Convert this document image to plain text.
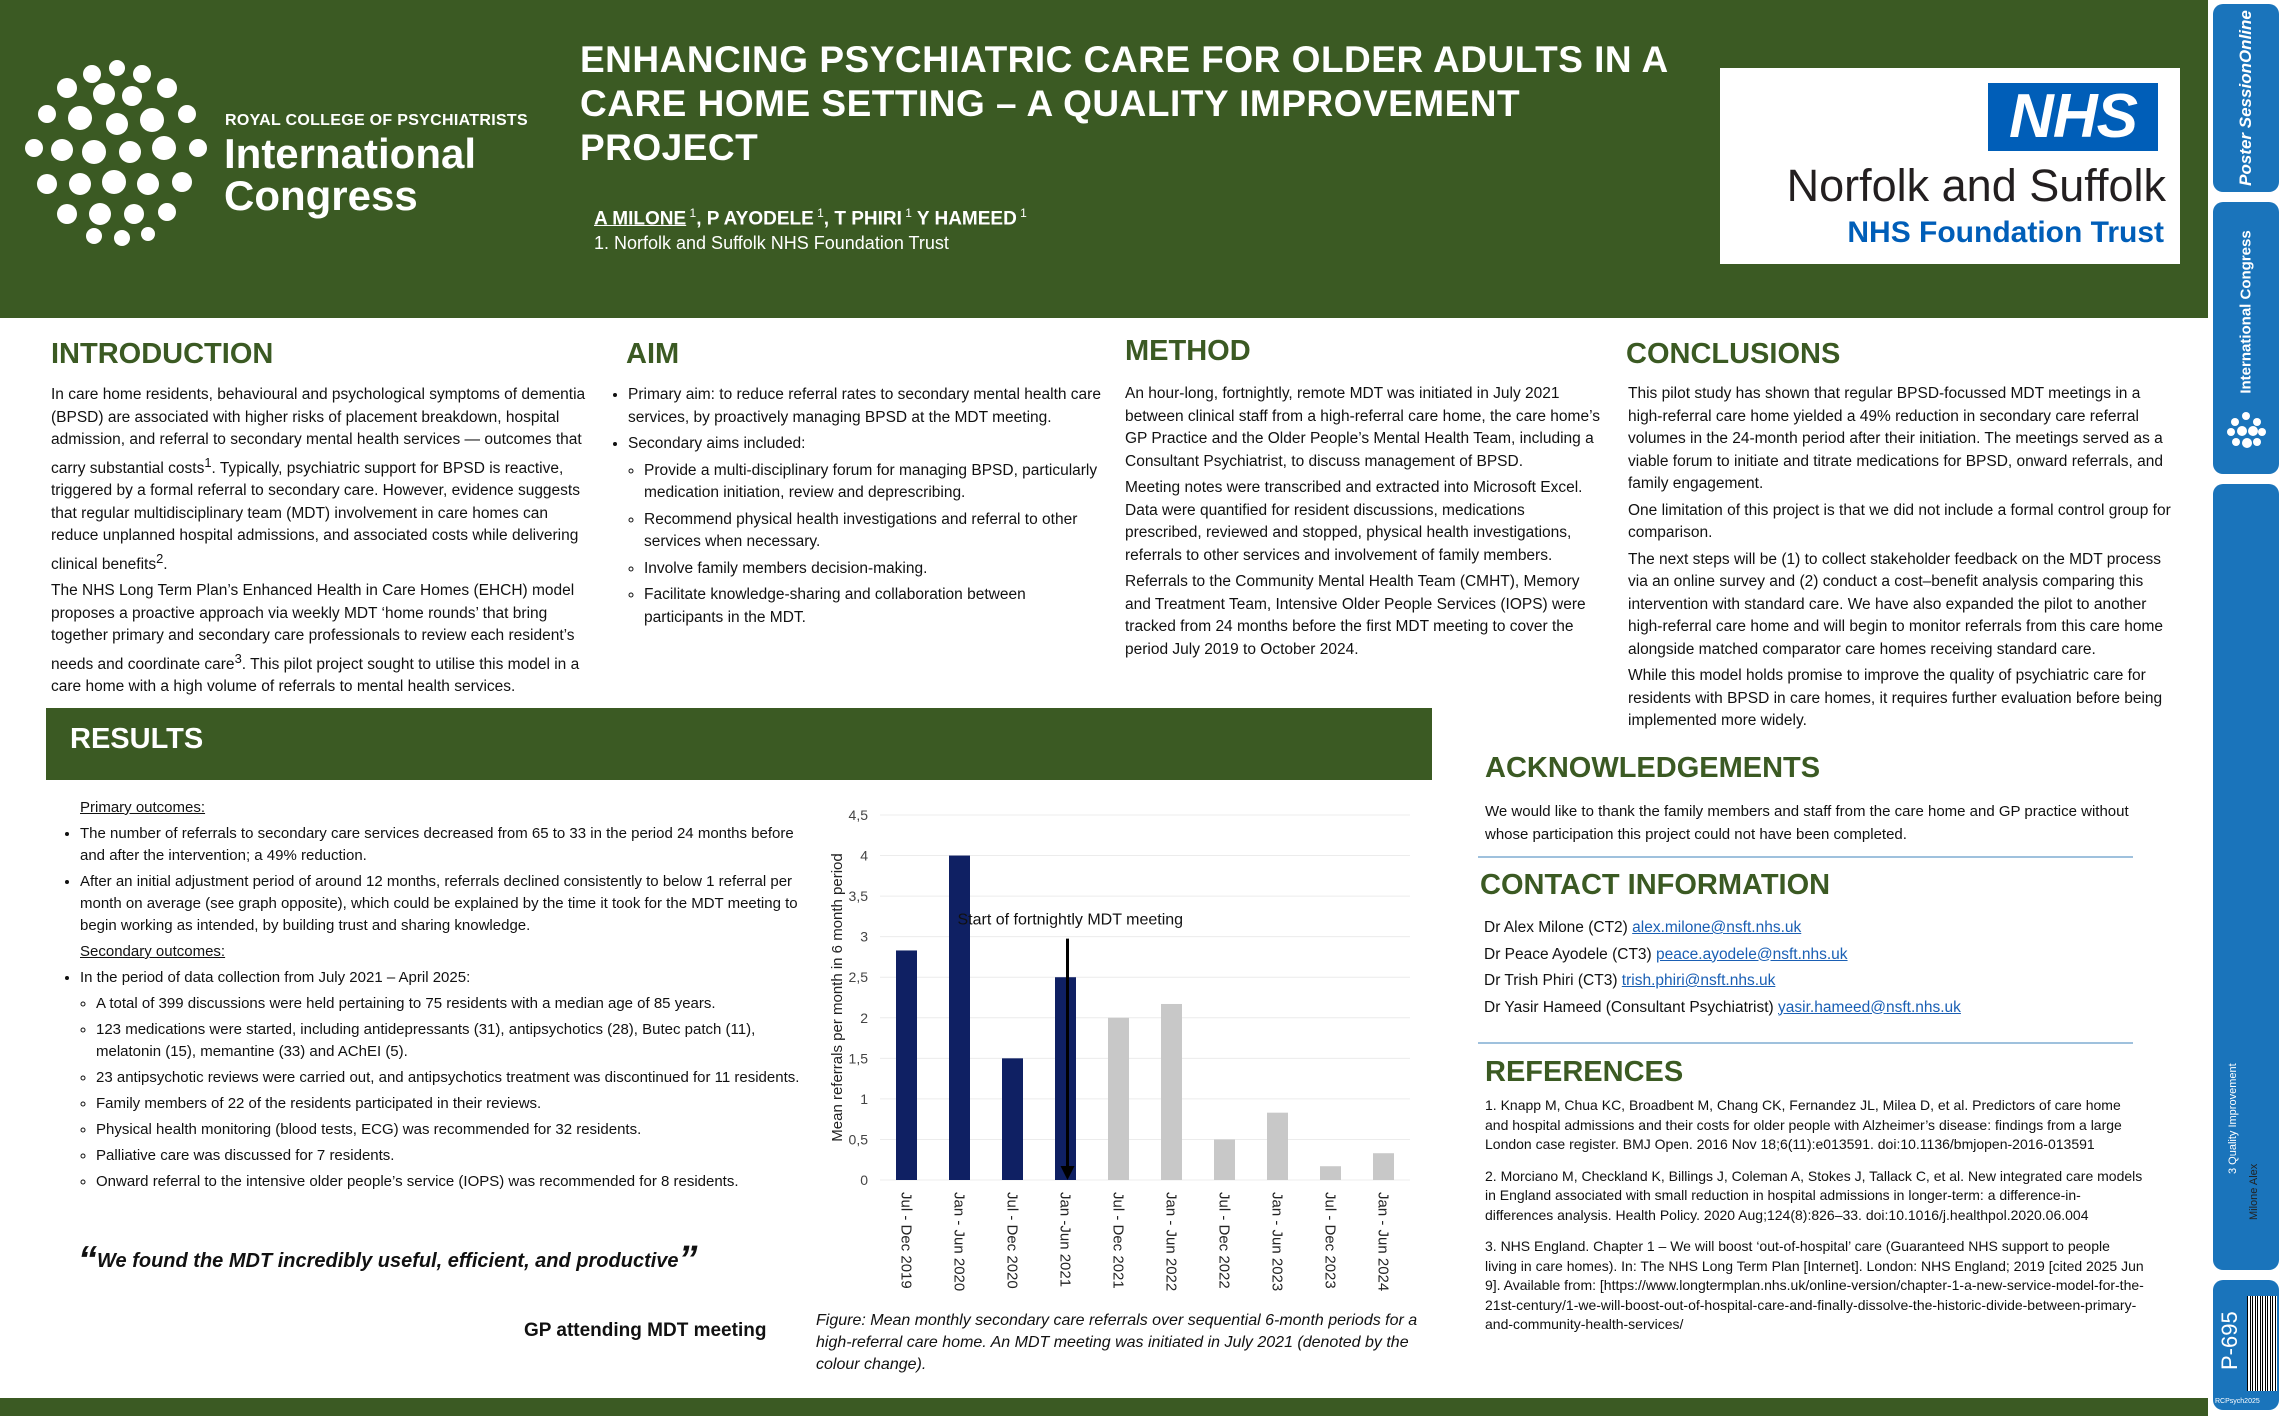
ROYAL COLLEGE OF PSYCHIATRISTS
International
Congress
ENHANCING PSYCHIATRIC CARE FOR OLDER ADULTS IN A CARE HOME SETTING – A QUALITY IMPROVEMENT PROJECT
A MILONE $^1$, P AYODELE $^1$, T PHIRI $^1$ Y HAMEED $^1$
1. Norfolk and Suffolk NHS Foundation Trust
NHS
Norfolk and Suffolk
NHS Foundation Trust
Poster SessionOnline
International Congress
3 Quality Improvement
P-695
RCPsych2025
Milone Alex
INTRODUCTION

In care home residents, behavioural and psychological symptoms of dementia (BPSD) are associated with higher risks of placement breakdown, hospital admission, and referral to secondary mental health services — outcomes that carry substantial costs$^1$. Typically, psychiatric support for BPSD is reactive, triggered by a formal referral to secondary care. However, evidence suggests that regular multidisciplinary team (MDT) involvement in care homes can reduce unplanned hospital admissions, and associated costs while delivering clinical benefits$^2$.

The NHS Long Term Plan’s Enhanced Health in Care Homes (EHCH) model proposes a proactive approach via weekly MDT ‘home rounds’ that bring together primary and secondary care professionals to review each resident’s needs and coordinate care$^3$. This pilot project sought to utilise this model in a care home with a high volume of referrals to mental health services.

AIM
• Primary aim: to reduce referral rates to secondary mental health care services, by proactively managing BPSD at the MDT meeting.
• Secondary aims included:
◦ Provide a multi-disciplinary forum for managing BPSD, particularly medication initiation, review and deprescribing.
◦ Recommend physical health investigations and referral to other services when necessary.
◦ Involve family members decision-making.
◦ Facilitate knowledge-sharing and collaboration between participants in the MDT.
METHOD

An hour-long, fortnightly, remote MDT was initiated in July 2021 between clinical staff from a high-referral care home, the care home’s GP Practice and the Older People’s Mental Health Team, including a Consultant Psychiatrist, to discuss management of BPSD.

Meeting notes were transcribed and extracted into Microsoft Excel. Data were quantified for resident discussions, medications prescribed, reviewed and stopped, physical health investigations, referrals to other services and involvement of family members.

Referrals to the Community Mental Health Team (CMHT), Memory and Treatment Team, Intensive Older People Services (IOPS) were tracked from 24 months before the first MDT meeting to cover the period July 2019 to October 2024.

CONCLUSIONS

This pilot study has shown that regular BPSD-focussed MDT meetings in a high-referral care home yielded a 49% reduction in secondary care referral volumes in the 24-month period after their initiation. The meetings served as a viable forum to initiate and titrate medications for BPSD, onward referrals, and family engagement.

One limitation of this project is that we did not include a formal control group for comparison.

The next steps will be (1) to collect stakeholder feedback on the MDT process via an online survey and (2) conduct a cost–benefit analysis comparing this intervention with standard care. We have also expanded the pilot to another high-referral care home and will begin to monitor referrals from this care home alongside matched comparator care homes receiving standard care.

While this model holds promise to improve the quality of psychiatric care for residents with BPSD in care homes, it requires further evaluation before being implemented more widely.

RESULTS
Primary outcomes:
• The number of referrals to secondary care services decreased from 65 to 33 in the period 24 months before and after the intervention; a 49% reduction.
• After an initial adjustment period of around 12 months, referrals declined consistently to below 1 referral per month on average (see graph opposite), which could be explained by the time it took for the MDT meeting to begin working as intended, by building trust and sharing knowledge.
Secondary outcomes:
• In the period of data collection from July 2021 – April 2025:
◦ A total of 399 discussions were held pertaining to 75 residents with a median age of 85 years.
◦ 123 medications were started, including antidepressants (31), antipsychotics (28), Butec patch (11), melatonin (15), memantine (33) and AChEI (5).
◦ 23 antipsychotic reviews were carried out, and antipsychotics treatment was discontinued for 11 residents.
◦ Family members of 22 of the residents participated in their reviews.
◦ Physical health monitoring (blood tests, ECG) was recommended for 32 residents.
◦ Palliative care was discussed for 7 residents.
◦ Onward referral to the intensive older people’s service (IOPS) was recommended for 8 residents.
“We found the MDT incredibly useful, efficient, and productive”
GP attending MDT meeting
0
0,5
1
1,5
2
2,5
3
3,5
4
4,5
Mean referrals per month in 6 month period
Jul - Dec 2019 Jan - Jun 2020 Jul - Dec 2020 Jan -Jun 2021 Jul - Dec 2021 Jan - Jun 2022 Jul - Dec 2022 Jan - Jun 2023 Jul - Dec 2023 Jan - Jun 2024
Start of fortnightly MDT meeting
Figure: Mean monthly secondary care referrals over sequential 6-month periods for a high-referral care home. An MDT meeting was initiated in July 2021 (denoted by the colour change).
ACKNOWLEDGEMENTS
We would like to thank the family members and staff from the care home and GP practice without whose participation this project could not have been completed.
CONTACT INFORMATION

Dr Alex Milone (CT2) alex.milone@nsft.nhs.uk

Dr Peace Ayodele (CT3) peace.ayodele@nsft.nhs.uk

Dr Trish Phiri (CT3) trish.phiri@nsft.nhs.uk

Dr Yasir Hameed (Consultant Psychiatrist) yasir.hameed@nsft.nhs.uk

REFERENCES

1. Knapp M, Chua KC, Broadbent M, Chang CK, Fernandez JL, Milea D, et al. Predictors of care home and hospital admissions and their costs for older people with Alzheimer’s disease: findings from a large London case register. BMJ Open. 2016 Nov 18;6(11):e013591. doi:10.1136/bmjopen-2016-013591

2. Morciano M, Checkland K, Billings J, Coleman A, Stokes J, Tallack C, et al. New integrated care models in England associated with small reduction in hospital admissions in longer-term: a difference-in-differences analysis. Health Policy. 2020 Aug;124(8):826–33. doi:10.1016/j.healthpol.2020.06.004

3. NHS England. Chapter 1 – We will boost ‘out-of-hospital’ care (Guaranteed NHS support to people living in care homes). In: The NHS Long Term Plan [Internet]. London: NHS England; 2019 [cited 2025 Jun 9]. Available from: [https://www.longtermplan.nhs.uk/online-version/chapter-1-a-new-service-model-for-the-21st-century/1-we-will-boost-out-of-hospital-care-and-finally-dissolve-the-historic-divide-between-primary-and-community-health-services/
